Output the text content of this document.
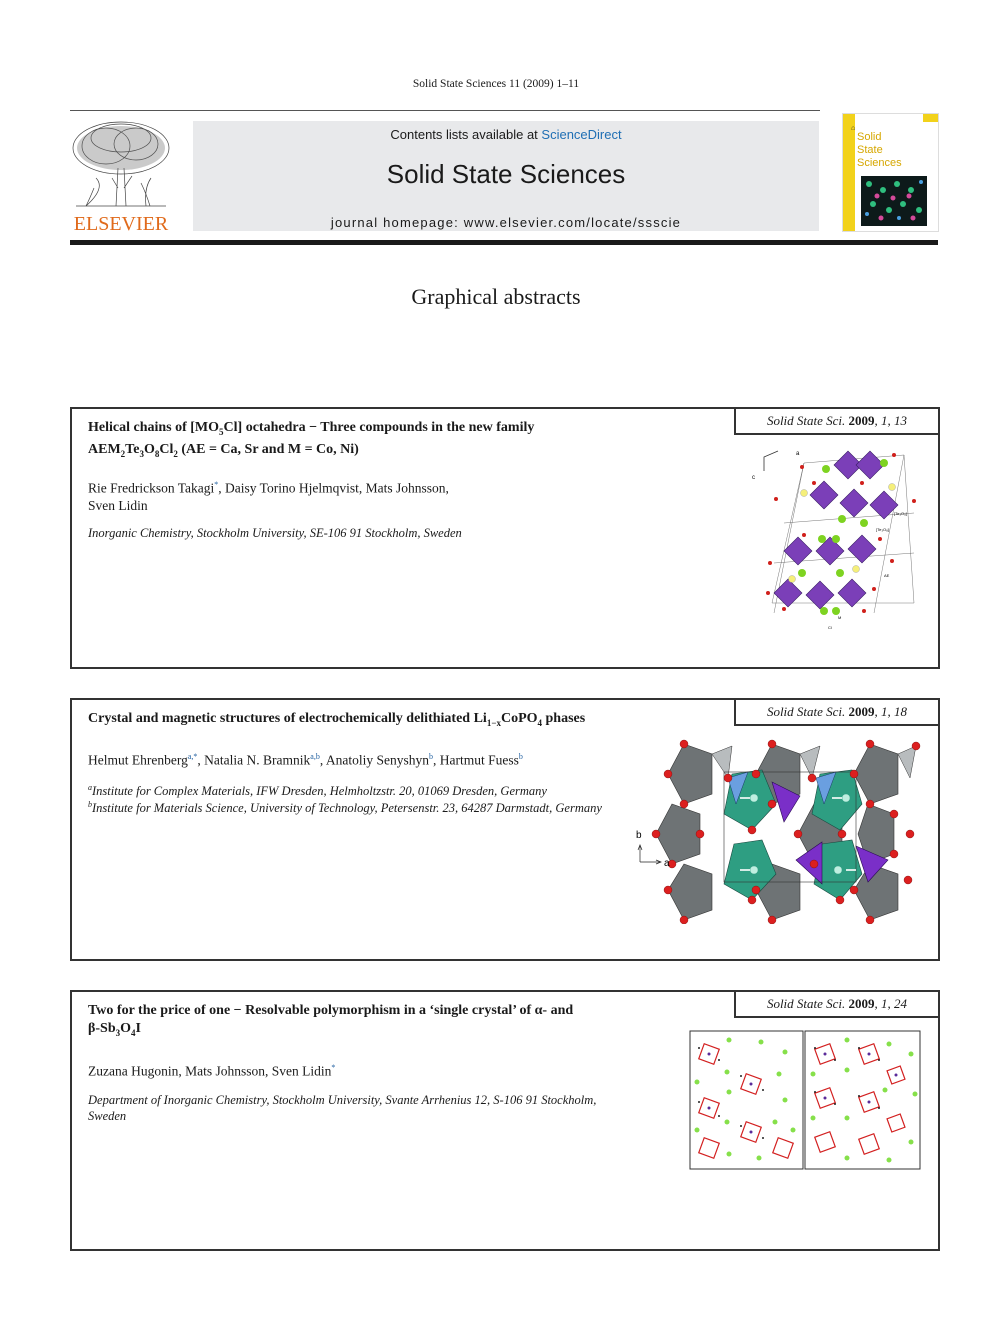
Solid State Sciences 11 (2009) 1–11
ELSEVIER
Contents lists available at ScienceDirect
Solid State Sciences
journal homepage: www.elsevier.com/locate/ssscie
⌂
Solid
State
Sciences
Graphical abstracts
Solid State Sci. 2009, 1, 13
Helical chains of $[MO_5Cl]$ octahedra − Three compounds in the new family
$AEM_2Te_3O_8Cl_2$ (AE = Ca, Sr and M = Co, Ni)
Rie Fredrickson Takagi*, Daisy Torino Hjelmqvist, Mats Johnsson,
Sven Lidin
Inorganic Chemistry, Stockholm University, SE-106 91 Stockholm, Sweden
a
c
[Te₃O₈]
[Te₃O₈]
AE
Cl
M
Solid State Sci. 2009, 1, 18
Crystal and magnetic structures of electrochemically delithiated $Li_{1-x}CoPO_4$ phases
Helmut Ehrenberg$^{a,*}$, Natalia N. Bramnik$^{a,b}$, Anatoliy Senyshyn$^b$, Hartmut Fuess$^b$
$^a$Institute for Complex Materials, IFW Dresden, Helmholtzstr. 20, 01069 Dresden, Germany
$^b$Institute for Materials Science, University of Technology, Petersenstr. 23, 64287 Darmstadt, Germany
b
a
Solid State Sci. 2009, 1, 24
Two for the price of one − Resolvable polymorphism in a ‘single crystal’ of α- and
$\beta-Sb_3O_4I$
Zuzana Hugonin, Mats Johnsson, Sven Lidin*
Department of Inorganic Chemistry, Stockholm University, Svante Arrhenius 12, S-106 91 Stockholm,
Sweden
